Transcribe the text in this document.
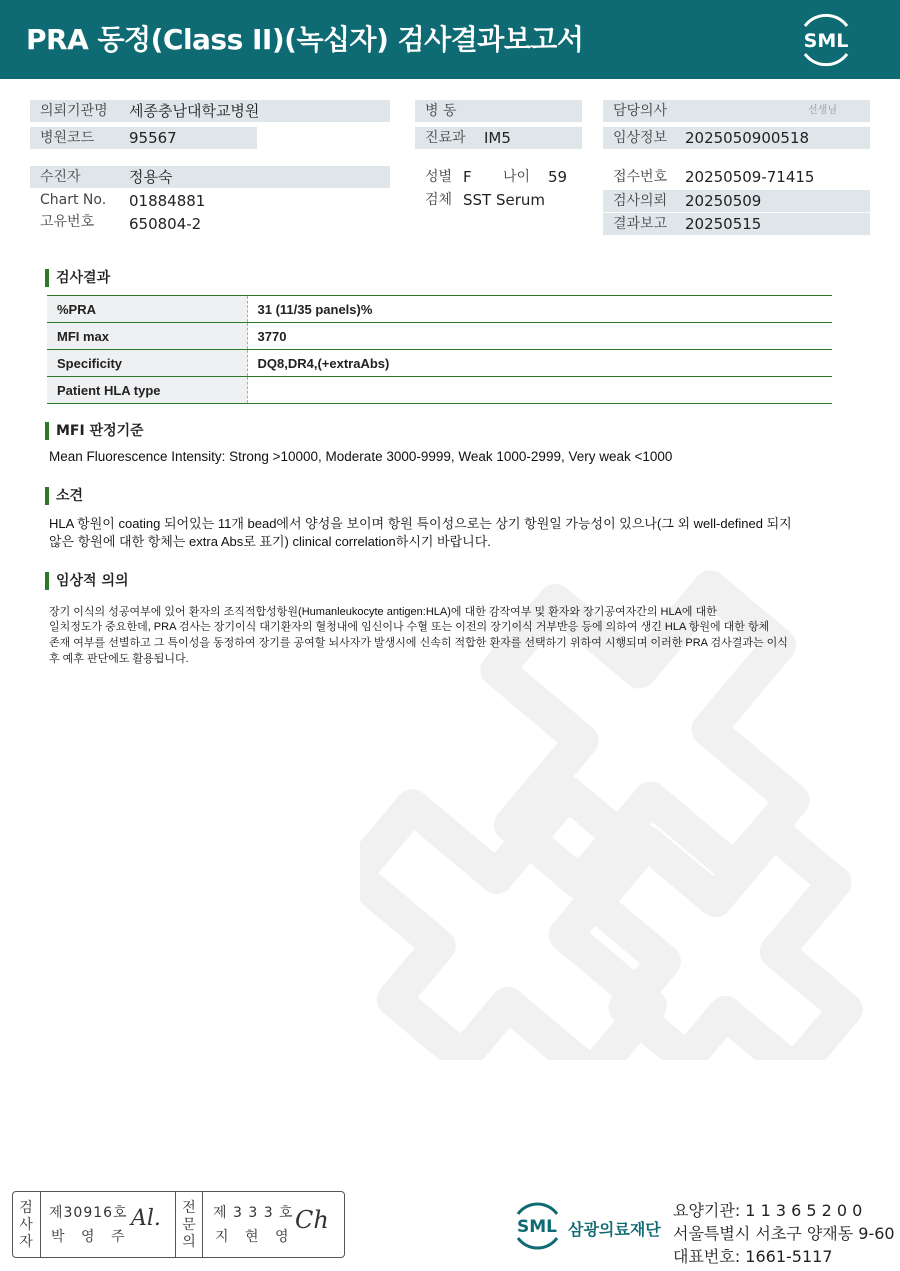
PRA 동정(Class II)(녹십자) 검사결과보고서	SML
의뢰기관명	세종충남대학교병원
병원코드	95567
수진자	정용숙
Chart No. 01884881
고유번호 650804-2
병 동
진료과	IM5
성별 F 나이 59
검체 SST Serum
담당의사	선생님
임상정보	2025050900518
접수번호 20250509-71415
검사의뢰	20250509
결과보고	20250515
검사결과
%PRA	31 (11/35 panels)%
MFI max	3770
Specificity	DQ8,DR4,(+extraAbs)
Patient HLA type	
MFI 판정기준
Mean Fluorescence Intensity: Strong >10000, Moderate 3000-9999, Weak 1000-2999, Very weak <1000
소견
HLA 항원이 coating 되어있는 11개 bead에서 양성을 보이며 항원 특이성으로는 상기 항원일 가능성이 있으나(그 외 well-defined 되지
않은 항원에 대한 항체는 extra Abs로 표기) clinical correlation하시기 바랍니다.
임상적 의의
장기 이식의 성공여부에 있어 환자의 조직적합성항원(Humanleukocyte antigen:HLA)에 대한 감작여부 및 환자와 장기공여자간의 HLA에 대한
일치정도가 중요한데, PRA 검사는 장기이식 대기환자의 혈청내에 임신이나 수혈 또는 이전의 장기이식 거부반응 등에 의하여 생긴 HLA 항원에 대한 항체
존재 여부를 선별하고 그 특이성을 동정하여 장기를 공여할 뇌사자가 발생시에 신속히 적합한 환자를 선택하기 위하여 시행되며 이러한 PRA 검사결과는 이식
후 예후 판단에도 활용됩니다.
검사자
제30916호
박 영 주
Al. 전문의
제 3 3 3 호
지 현 영
Ch	SML 삼광의료재단
요양기관: 1 1 3 6 5 2 0 0
서울특별시 서초구 양재동 9-60
대표번호: 1661-5117
